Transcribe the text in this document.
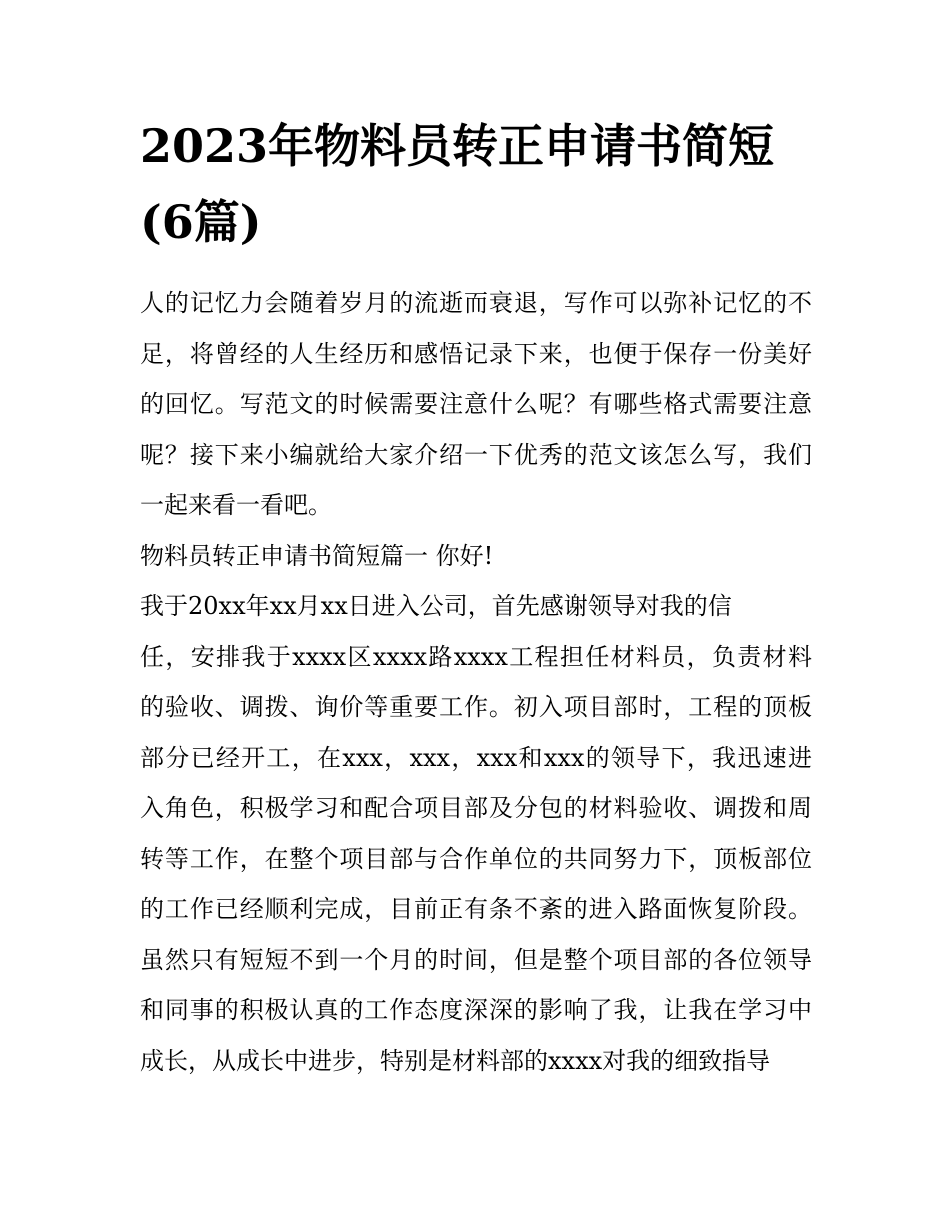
2023年物料员转正申请书简短
(6篇)
人的记忆力会随着岁月的流逝而衰退，写作可以弥补记忆的不
足，将曾经的人生经历和感悟记录下来，也便于保存一份美好
的回忆。写范文的时候需要注意什么呢？有哪些格式需要注意
呢？接下来小编就给大家介绍一下优秀的范文该怎么写，我们
一起来看一看吧。
物料员转正申请书简短篇一 你好!
我于20xx年xx月xx日进入公司，首先感谢领导对我的信
任，安排我于xxxx区xxxx路xxxx工程担任材料员，负责材料
的验收、调拨、询价等重要工作。初入项目部时，工程的顶板
部分已经开工，在xxx，xxx，xxx和xxx的领导下，我迅速进
入角色，积极学习和配合项目部及分包的材料验收、调拨和周
转等工作，在整个项目部与合作单位的共同努力下，顶板部位
的工作已经顺利完成，目前正有条不紊的进入路面恢复阶段。
虽然只有短短不到一个月的时间，但是整个项目部的各位领导
和同事的积极认真的工作态度深深的影响了我，让我在学习中
成长，从成长中进步，特别是材料部的xxxx对我的细致指导
